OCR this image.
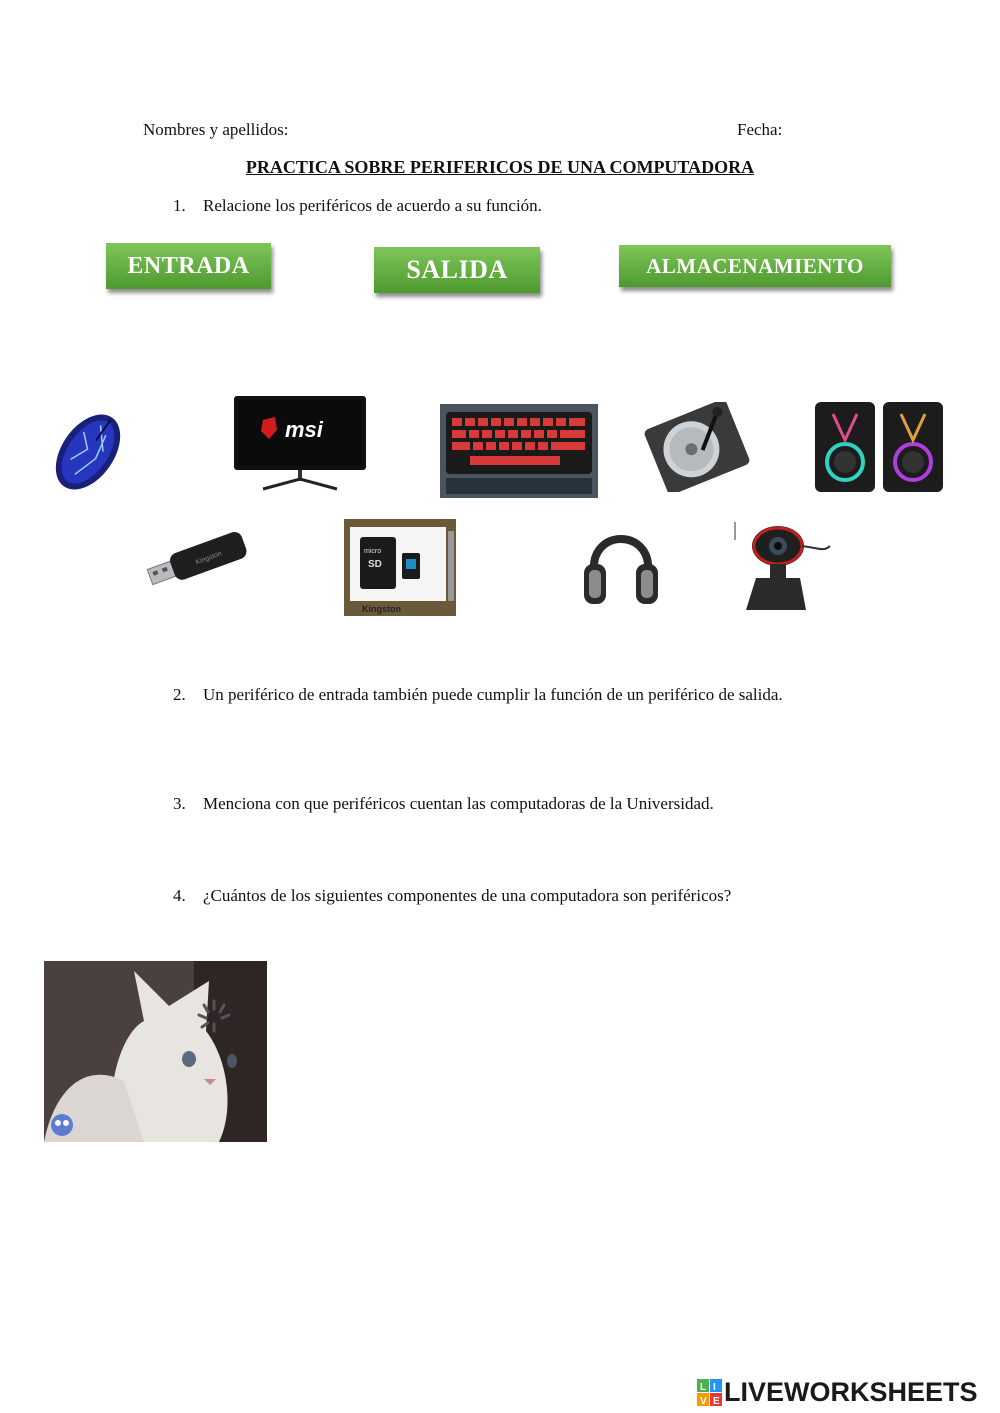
Nombres y apellidos:	Fecha:
PRACTICA SOBRE PERIFERICOS DE UNA COMPUTADORA
1. Relacione los periféricos de acuerdo a su función.
ENTRADA	SALIDA	ALMACENAMIENTO
msi
Kingston	micro
SD
Kingston
2. Un periférico de entrada también puede cumplir la función de un periférico de salida.
3. Menciona con que periféricos cuentan las computadoras de la Universidad.
4. ¿Cuántos de los siguientes componentes de una computadora son periféricos?
L I
V E LIVEWORKSHEETS
